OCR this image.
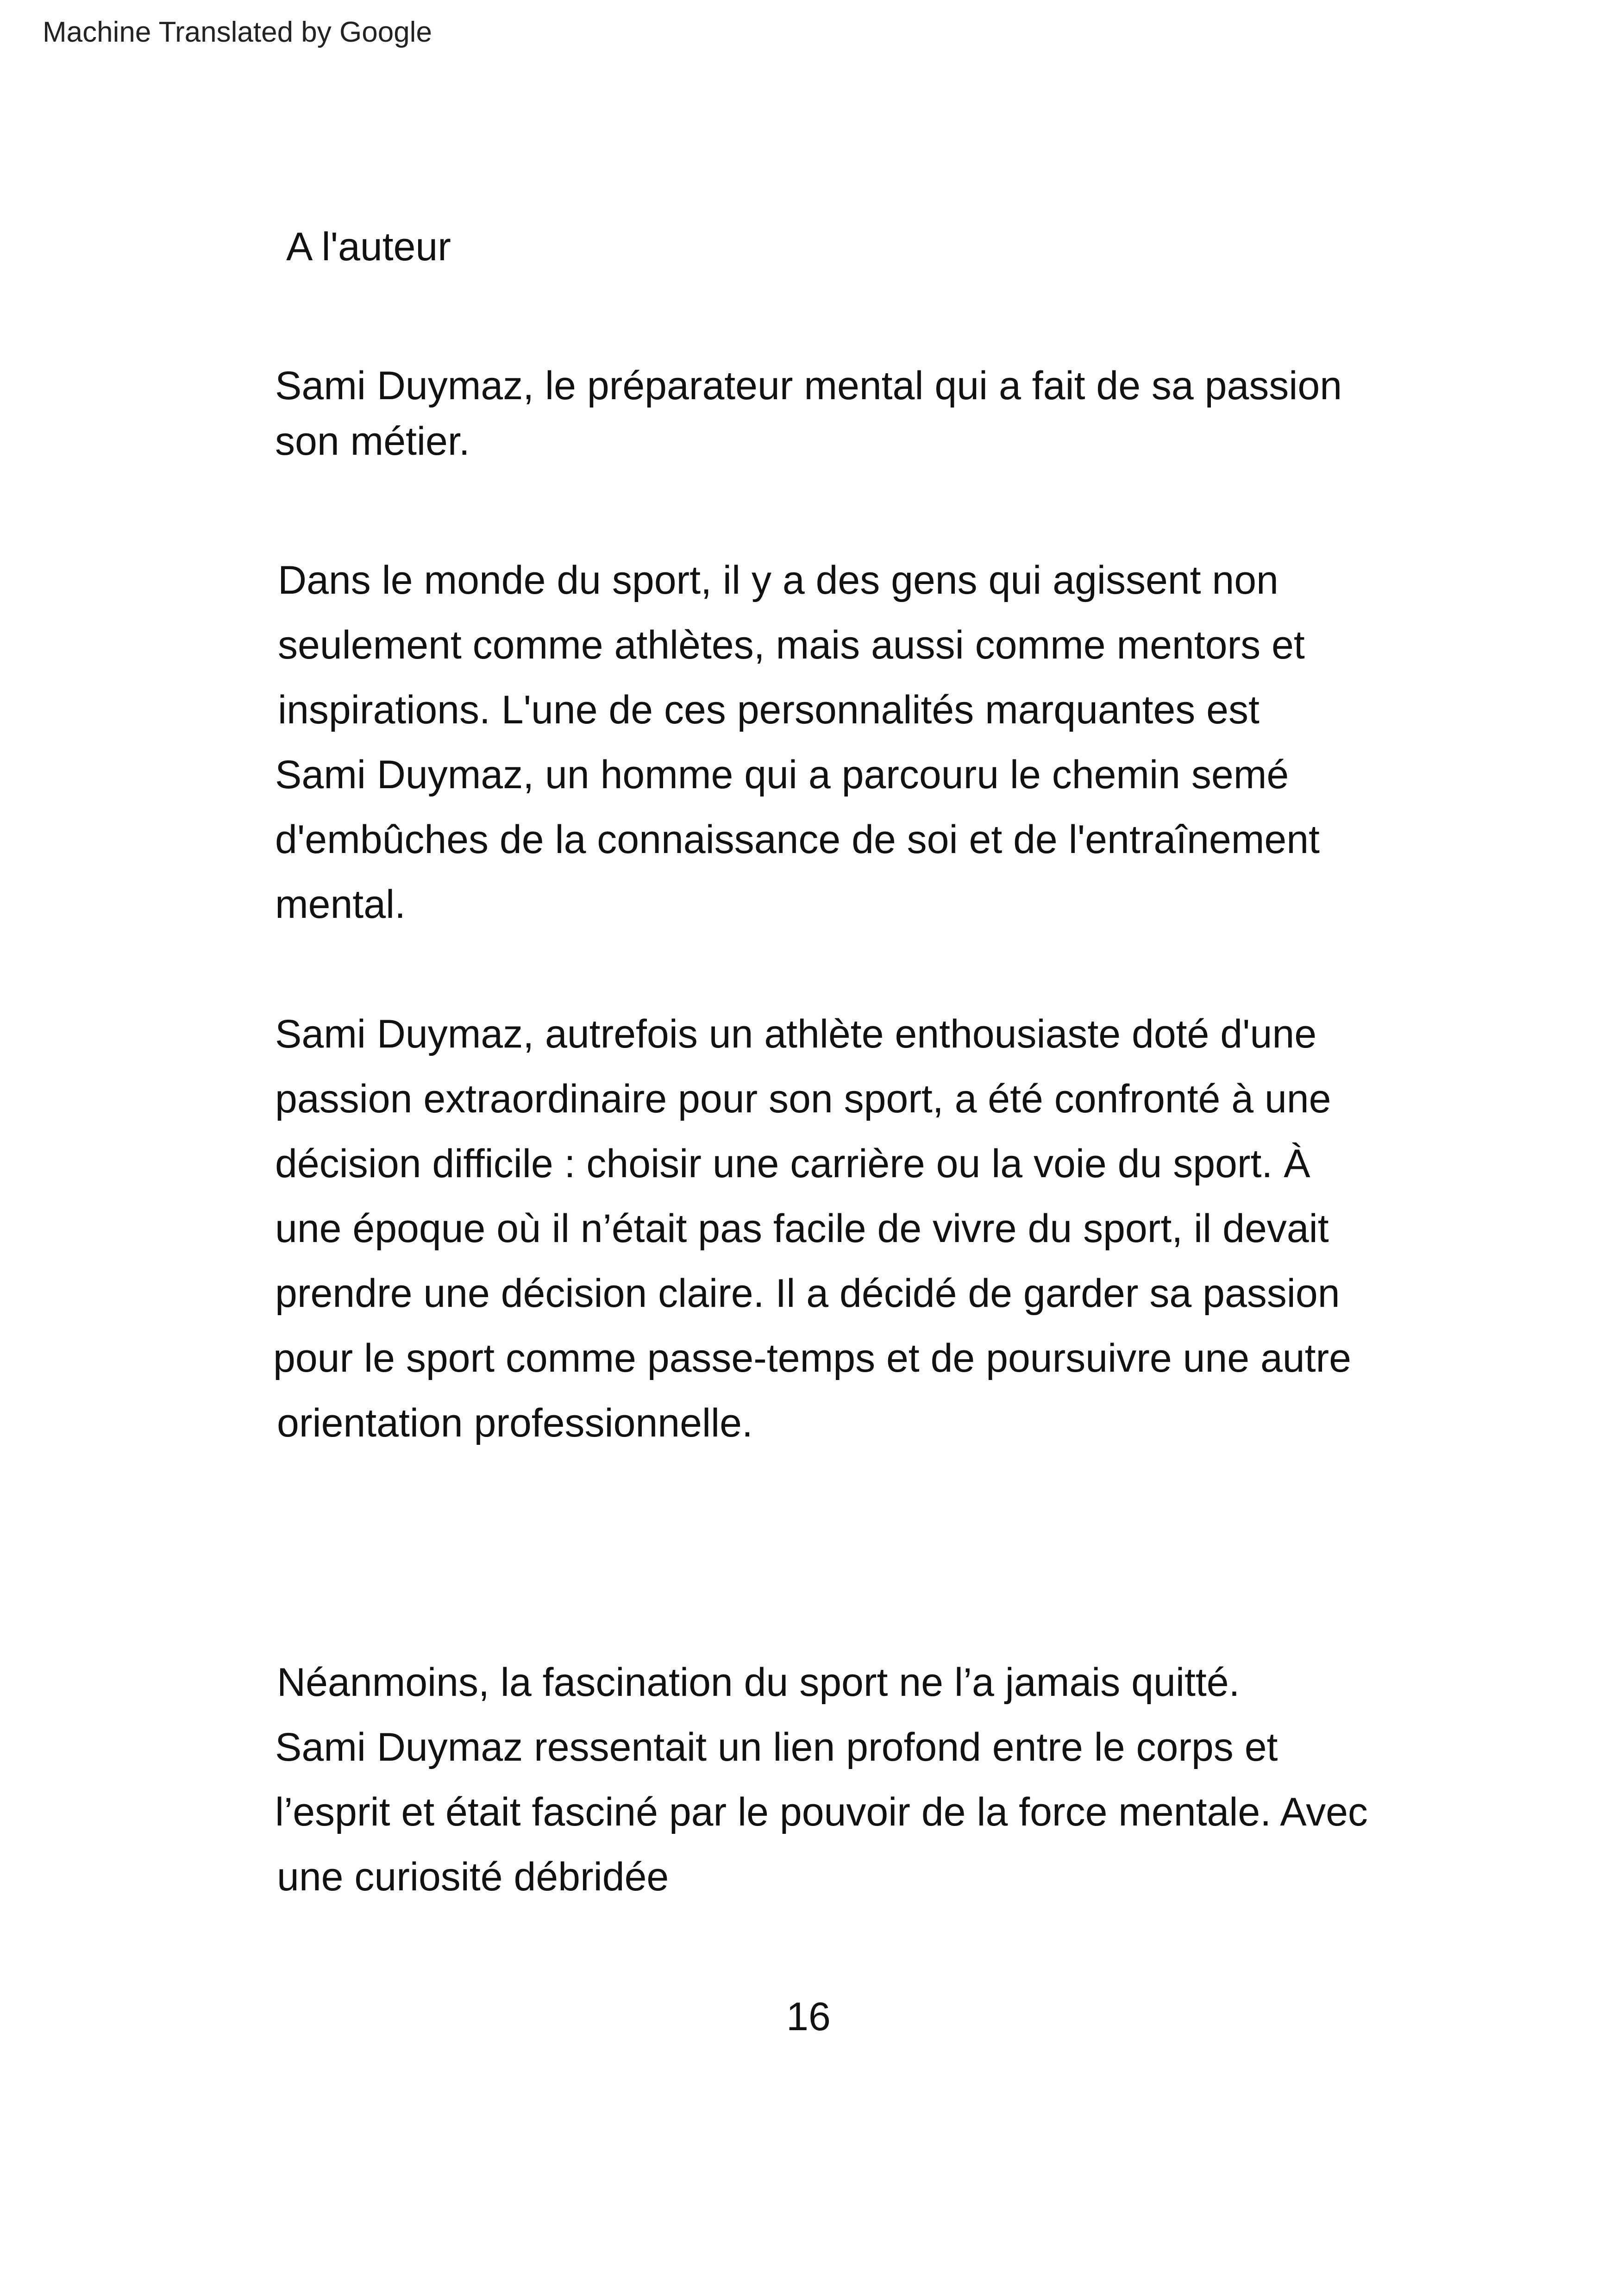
Machine Translated by Google
A l'auteur
Sami Duymaz, le préparateur mental qui a fait de sa passion
son métier.
Dans le monde du sport, il y a des gens qui agissent non
seulement comme athlètes, mais aussi comme mentors et
inspirations. L'une de ces personnalités marquantes est
Sami Duymaz, un homme qui a parcouru le chemin semé
d'embûches de la connaissance de soi et de l'entraînement
mental.
Sami Duymaz, autrefois un athlète enthousiaste doté d'une
passion extraordinaire pour son sport, a été confronté à une
décision difficile : choisir une carrière ou la voie du sport. À
une époque où il n’était pas facile de vivre du sport, il devait
prendre une décision claire. Il a décidé de garder sa passion
pour le sport comme passe-temps et de poursuivre une autre
orientation professionnelle.
Néanmoins, la fascination du sport ne l’a jamais quitté.
Sami Duymaz ressentait un lien profond entre le corps et
l’esprit et était fasciné par le pouvoir de la force mentale. Avec
une curiosité débridée
16
